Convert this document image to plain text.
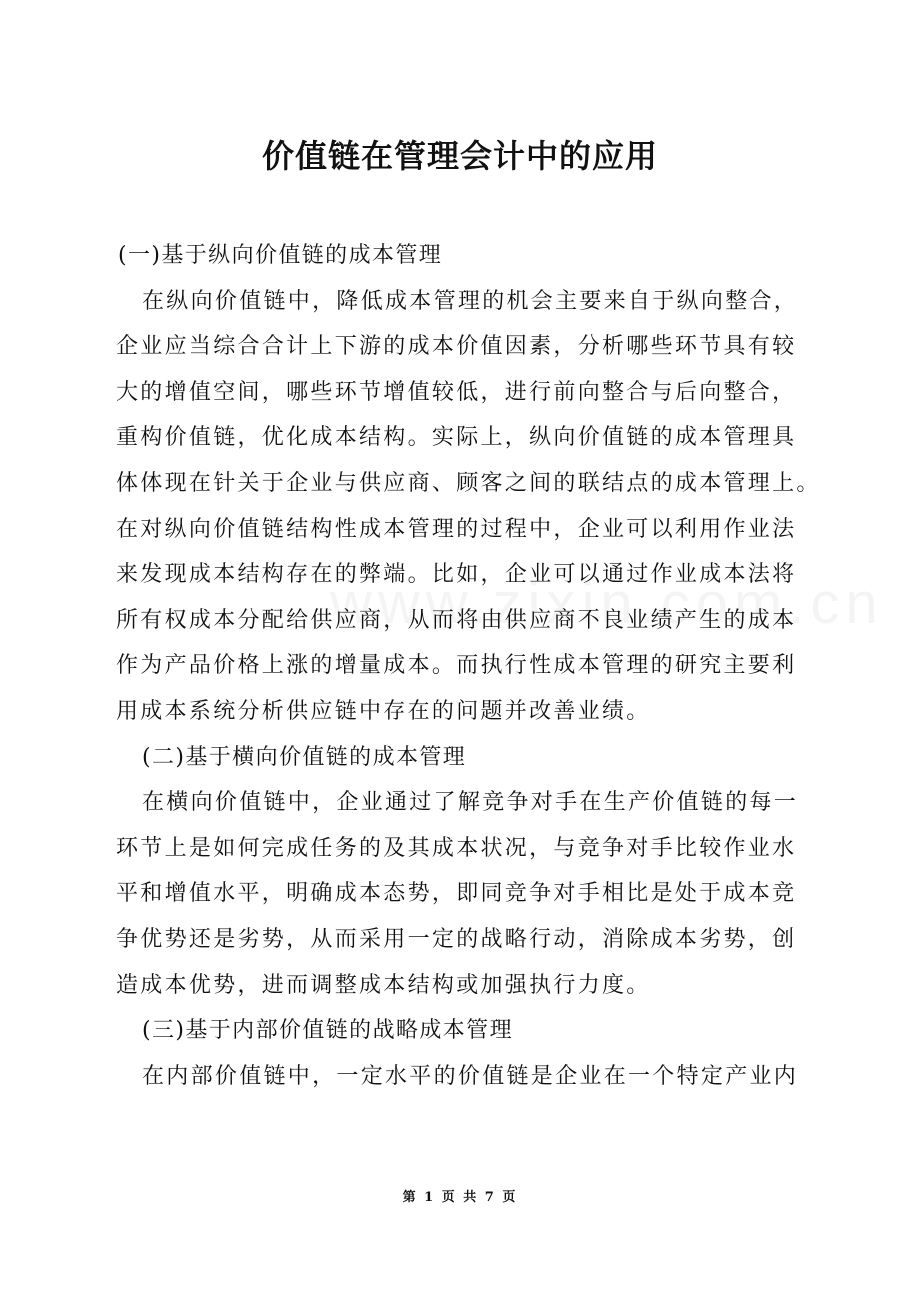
价值链在管理会计中的应用
(一)基于纵向价值链的成本管理
在纵向价值链中，降低成本管理的机会主要来自于纵向整合，
企业应当综合合计上下游的成本价值因素，分析哪些环节具有较
大的增值空间，哪些环节增值较低，进行前向整合与后向整合，
重构价值链，优化成本结构。实际上，纵向价值链的成本管理具
体体现在针关于企业与供应商、顾客之间的联结点的成本管理上。
在对纵向价值链结构性成本管理的过程中，企业可以利用作业法
来发现成本结构存在的弊端。比如，企业可以通过作业成本法将
所有权成本分配给供应商，从而将由供应商不良业绩产生的成本
作为产品价格上涨的增量成本。而执行性成本管理的研究主要利
用成本系统分析供应链中存在的问题并改善业绩。
(二)基于横向价值链的成本管理
在横向价值链中，企业通过了解竞争对手在生产价值链的每一
环节上是如何完成任务的及其成本状况，与竞争对手比较作业水
平和增值水平，明确成本态势，即同竞争对手相比是处于成本竞
争优势还是劣势，从而采用一定的战略行动，消除成本劣势，创
造成本优势，进而调整成本结构或加强执行力度。
(三)基于内部价值链的战略成本管理
在内部价值链中，一定水平的价值链是企业在一个特定产业内
第 1 页 共 7 页
